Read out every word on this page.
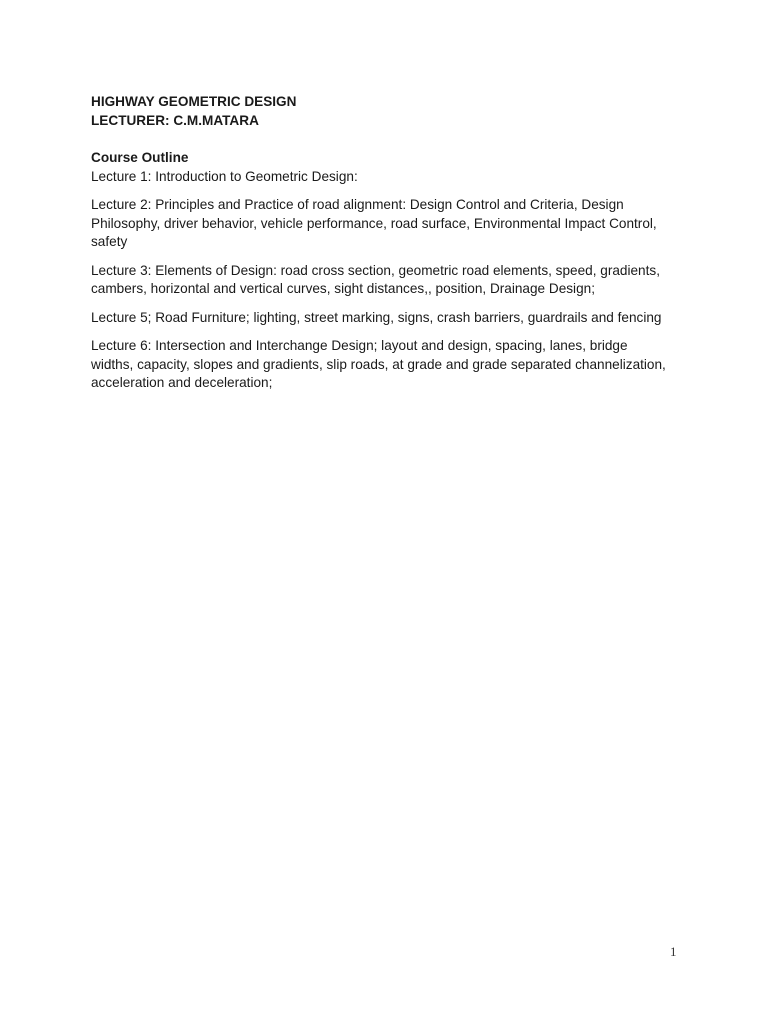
HIGHWAY GEOMETRIC DESIGN

LECTURER: C.M.MATARA

Course Outline

Lecture 1: Introduction to Geometric Design:

Lecture 2: Principles and Practice of road alignment: Design Control and Criteria, Design
Philosophy, driver behavior, vehicle performance, road surface, Environmental Impact Control,
safety

Lecture 3: Elements of Design: road cross section, geometric road elements, speed, gradients,
cambers, horizontal and vertical curves, sight distances,, position, Drainage Design;

Lecture 5; Road Furniture; lighting, street marking, signs, crash barriers, guardrails and fencing

Lecture 6: Intersection and Interchange Design; layout and design, spacing, lanes, bridge
widths, capacity, slopes and gradients, slip roads, at grade and grade separated channelization,
acceleration and deceleration;

1
